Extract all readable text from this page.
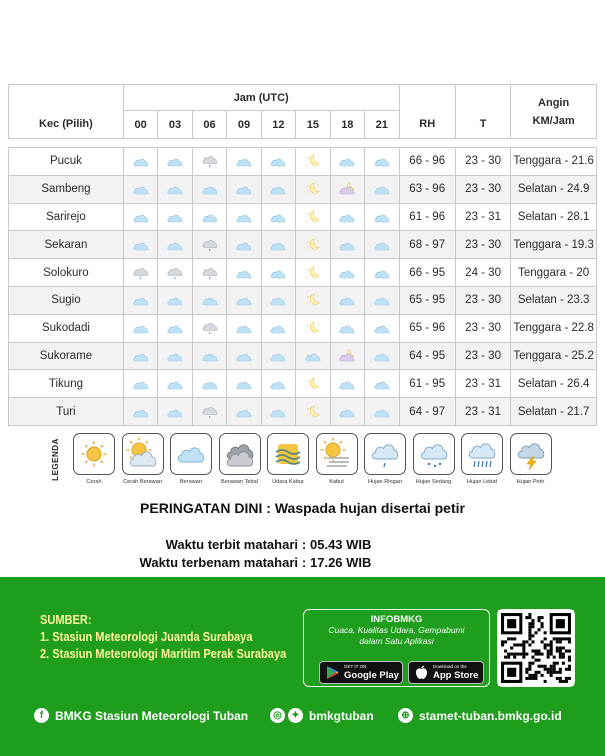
Kec (Pilih)	Jam (UTC)								RH	T	Angin
KM/Jam

	00	03	06	09	12	15	18	21			

Pucuk									66 - 96	23 - 30	Tenggara - 21.6
Sambeng									63 - 96	23 - 30	Selatan - 24.9
Sarirejo									61 - 96	23 - 31	Selatan - 28.1
Sekaran									68 - 97	23 - 30	Tenggara - 19.3
Solokuro									66 - 95	24 - 30	Tenggara - 20
Sugio									65 - 95	23 - 30	Selatan - 23.3
Sukodadi									65 - 96	23 - 30	Tenggara - 22.8
Sukorame									64 - 95	23 - 30	Tenggara - 25.2
Tikung									61 - 95	23 - 31	Selatan - 26.4
Turi									64 - 97	23 - 31	Selatan - 21.7
LEGENDA
Cerah	Cerah Berawan	Berawan	Berawan Tebal	Udara Kabur	Kabut	Hujan Ringan	Hujan Sedang	Hujan Lebat	Hujan Petir
PERINGATAN DINI : Waspada hujan disertai petir
Waktu terbit matahari : 05.43 WIB
Waktu terbenam matahari : 17.26 WIB
SUMBER:
1. Stasiun Meteorologi Juanda Surabaya
2. Stasiun Meteorologi Maritim Perak Surabaya
INFOBMKG
Cuaca, Kualitas Udara, Gempabumi
dalam Satu Aplikasi
GET IT ON
Google Play
Download on the
App Store
f BMKG Stasiun Meteorologi Tuban	◎ ✦ bmkgtuban	⊕ stamet-tuban.bmkg.go.id
